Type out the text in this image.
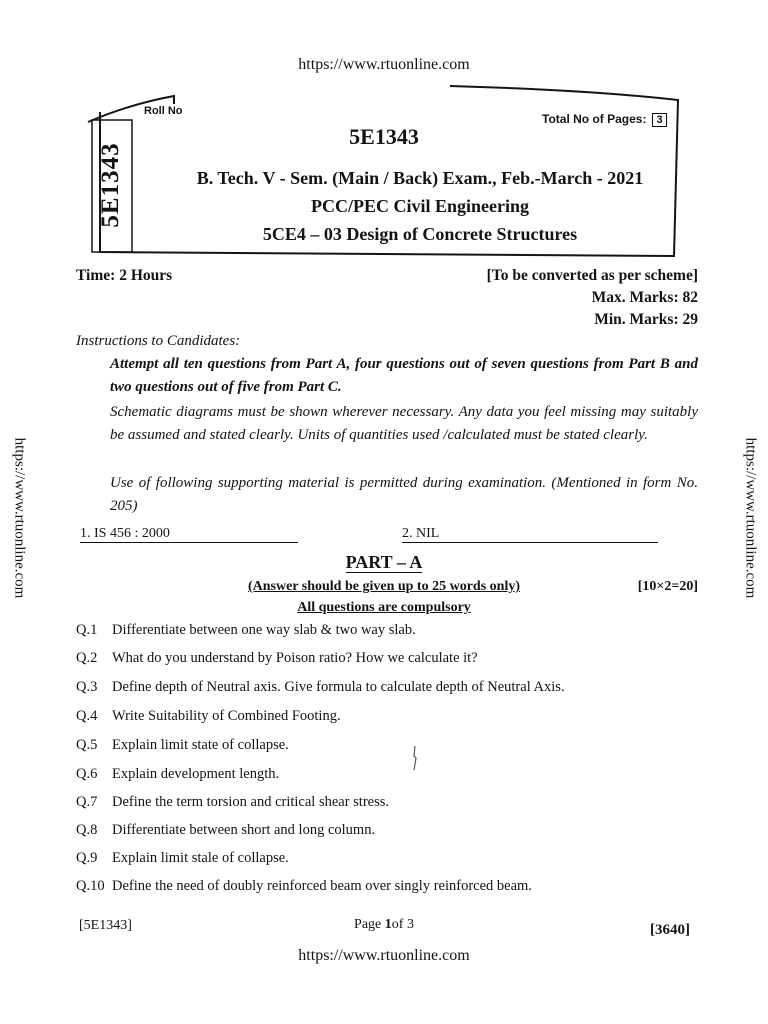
https://www.rtuonline.com
https://www.rtuonline.com	https://www.rtuonline.com
Roll No
Total No of Pages: 3
5E1343
5E1343
B. Tech. V - Sem. (Main / Back) Exam., Feb.-March - 2021
PCC/PEC Civil Engineering
5CE4 – 03 Design of Concrete Structures
Time: 2 Hours	[To be converted as per scheme]
Max. Marks: 82
Min. Marks: 29
Instructions to Candidates:
Attempt all ten questions from Part A, four questions out of seven questions from Part B and two questions out of five from Part C.
Schematic diagrams must be shown wherever necessary. Any data you feel missing may suitably be assumed and stated clearly. Units of quantities used /calculated must be stated clearly.
Use of following supporting material is permitted during examination. (Mentioned in form No. 205)
1. IS 456 : 2000	2. NIL
PART – A
(Answer should be given up to 25 words only)	[10×2=20]
All questions are compulsory
Q.1 Differentiate between one way slab & two way slab.
Q.2 What do you understand by Poison ratio? How we calculate it?
Q.3 Define depth of Neutral axis. Give formula to calculate depth of Neutral Axis.
Q.4 Write Suitability of Combined Footing.
Q.5 Explain limit state of collapse.
Q.6 Explain development length.
Q.7 Define the term torsion and critical shear stress.
Q.8 Differentiate between short and long column.
Q.9 Explain limit stale of collapse.
Q.10 Define the need of doubly reinforced beam over singly reinforced beam.
[5E1343]	Page 1of 3	[3640]
https://www.rtuonline.com
